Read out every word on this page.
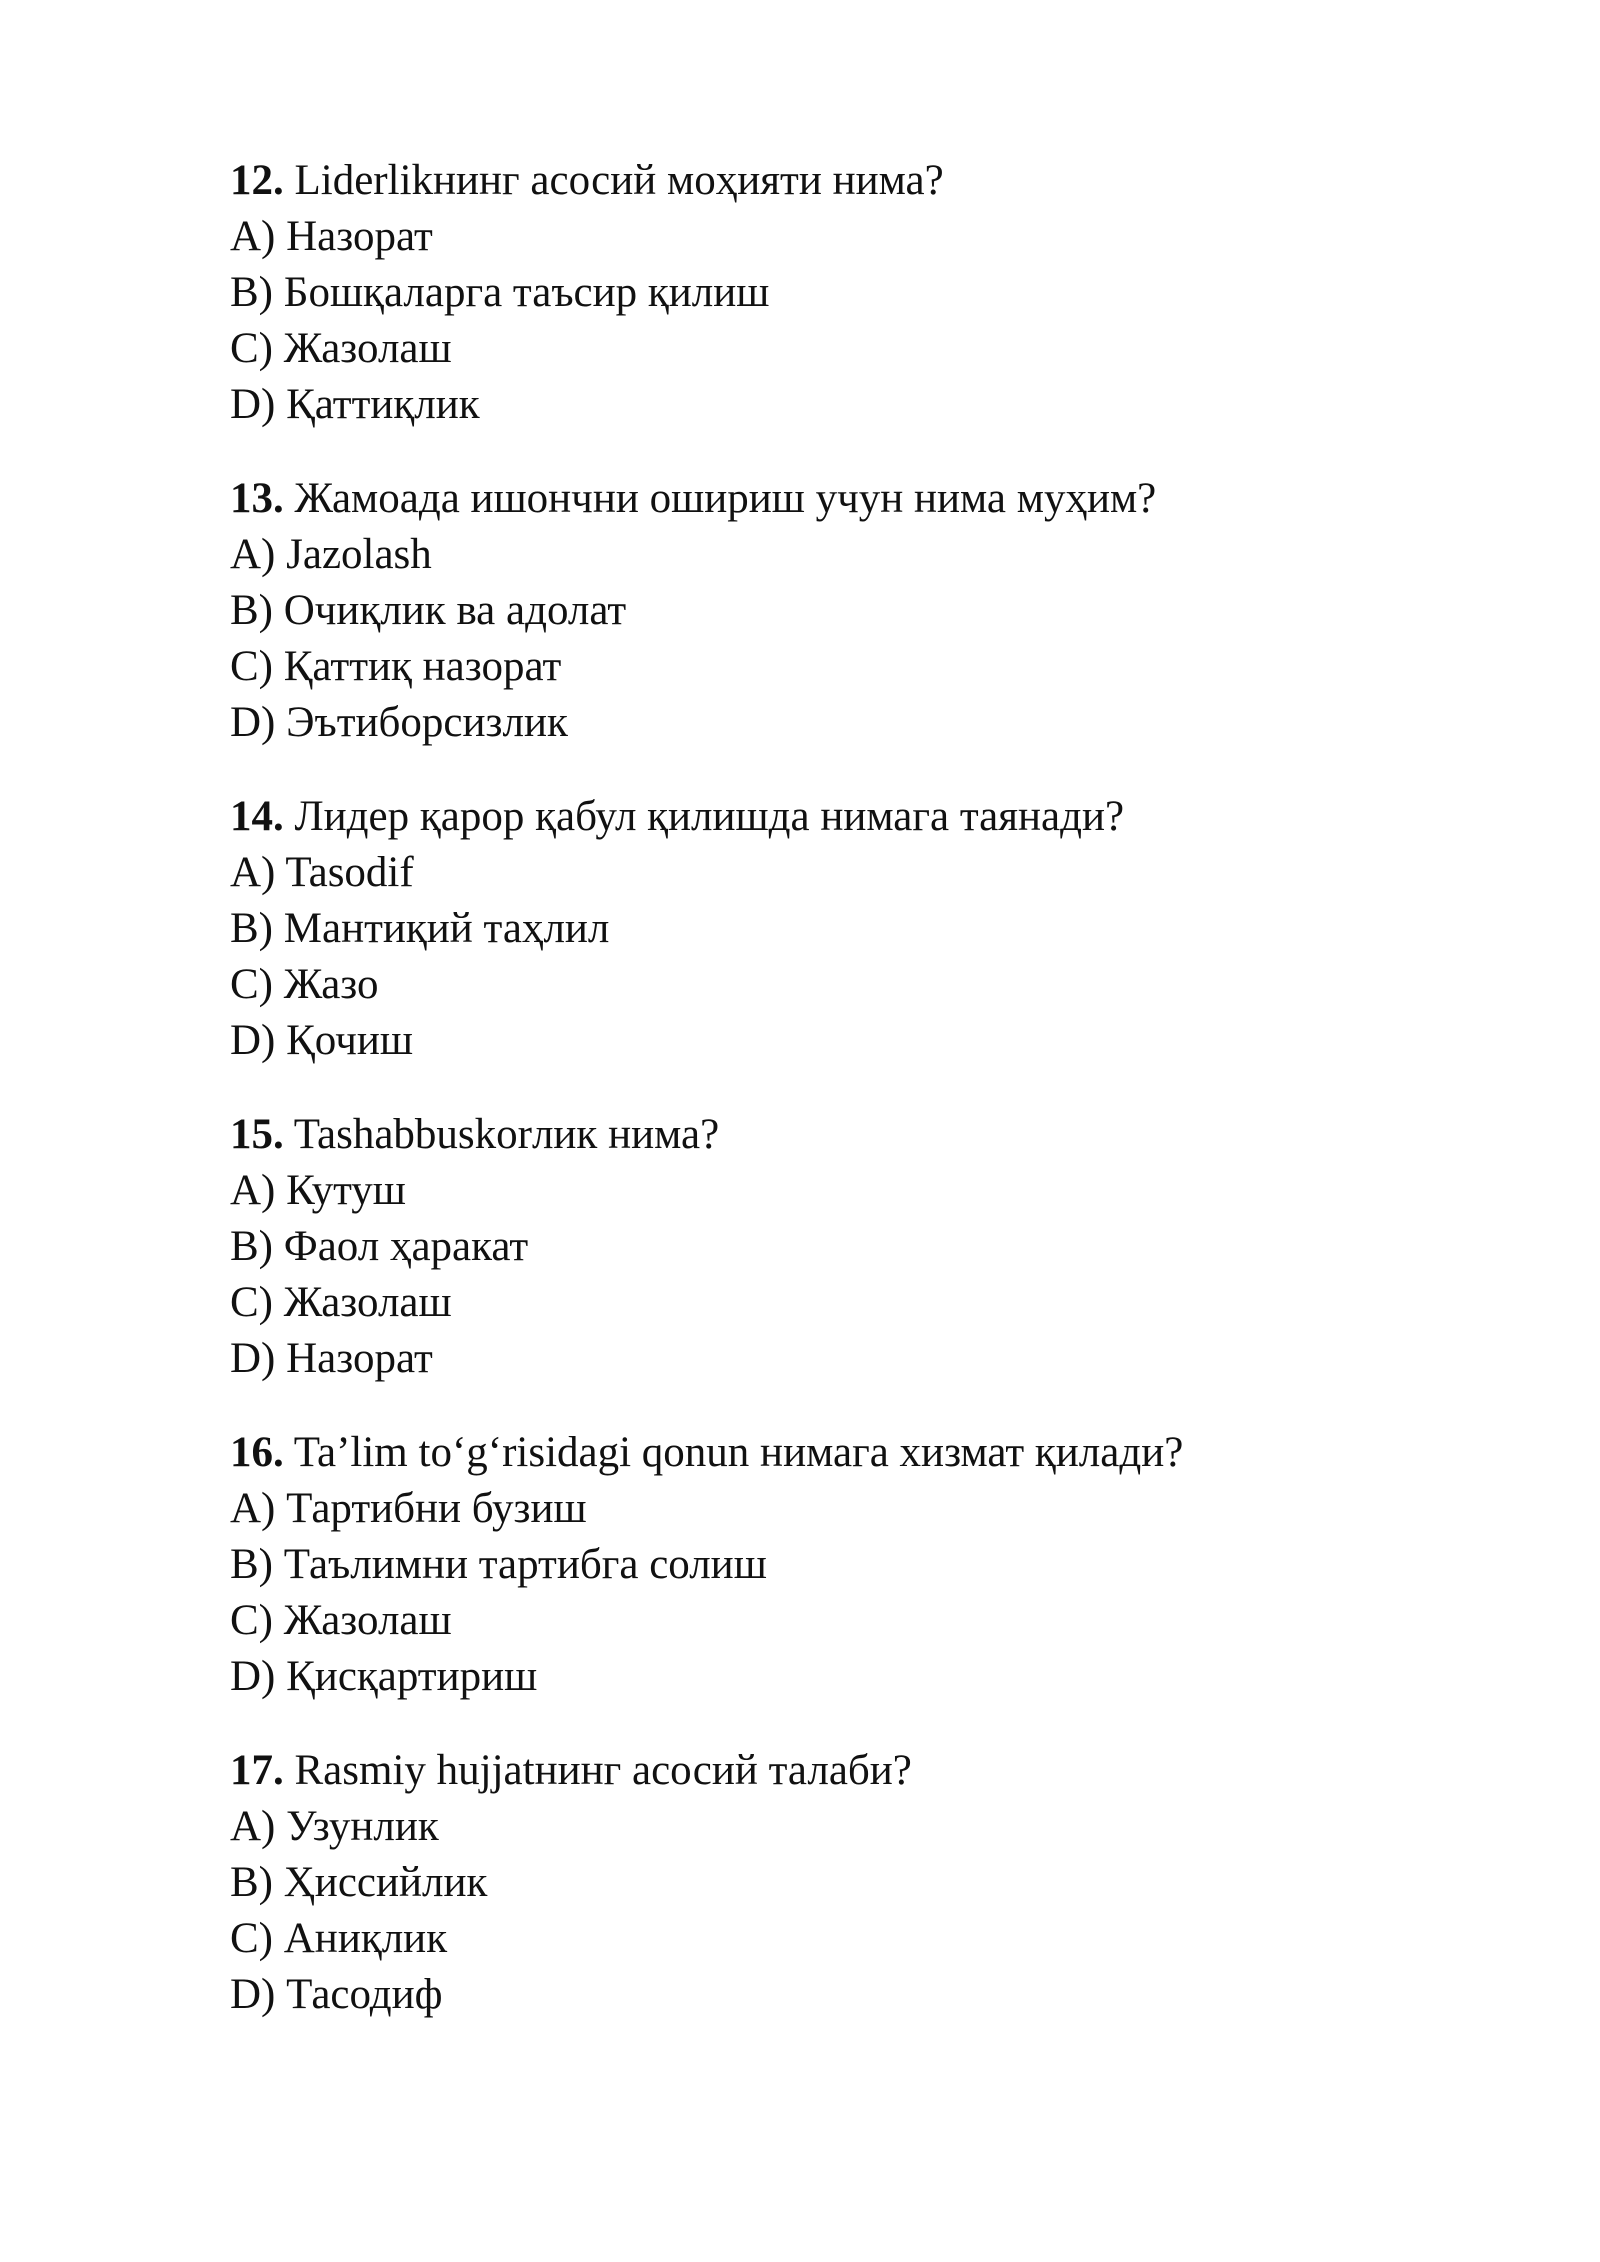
12. Liderlikнинг асосий моҳияти нима?
A) Назорат
B) Бошқаларга таъсир қилиш
C) Жазолаш
D) Қаттиқлик
13. Жамоада ишончни ошириш учун нима муҳим?
A) Jazolash
B) Очиқлик ва адолат
C) Қаттиқ назорат
D) Эътиборсизлик
14. Лидер қарор қабул қилишда нимага таянади?
A) Tasodif
B) Мантиқий таҳлил
C) Жазо
D) Қочиш
15. Tashabbuskorлик нима?
A) Кутуш
B) Фаол ҳаракат
C) Жазолаш
D) Назорат
16. Ta’lim to‘g‘risidagi qonun нимага хизмат қилади?
A) Тартибни бузиш
B) Таълимни тартибга солиш
C) Жазолаш
D) Қисқартириш
17. Rasmiy hujjatнинг асосий талаби?
A) Узунлик
B) Ҳиссийлик
C) Аниқлик
D) Тасодиф
